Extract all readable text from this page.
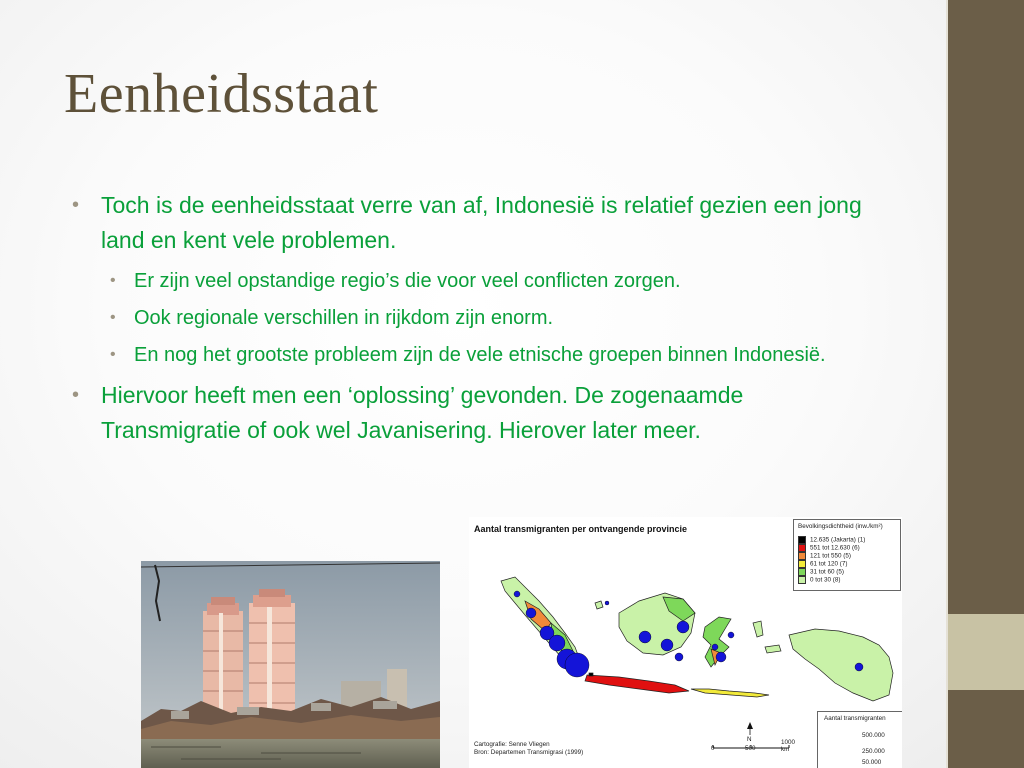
Eenheidsstaat
• Toch is de eenheidsstaat verre van af, Indonesië is relatief gezien een jong land en kent vele problemen.
• Er zijn veel opstandige regio’s die voor veel conflicten zorgen.
• Ook regionale verschillen in rijkdom zijn enorm.
• En nog het grootste probleem zijn de vele etnische groepen binnen Indonesië.
• Hiervoor heeft men een ‘oplossing’ gevonden. De zogenaamde Transmigratie of ook wel Javanisering. Hierover later meer.
Aantal transmigranten per ontvangende provincie	Bevolkingsdichtheid (inw./km²)
12.635 (Jakarta) (1)
551 tot 12.630 (6)
121 tot 550 (5)
61 tot 120 (7)
31 tot 60 (5)
0 tot 30 (8)
N
0	500
1000 km
Cartografie: Senne Vliegen
Bron: Departemen Transmigrasi (1999)
Aantal transmigranten
500.000
250.000
50.000
